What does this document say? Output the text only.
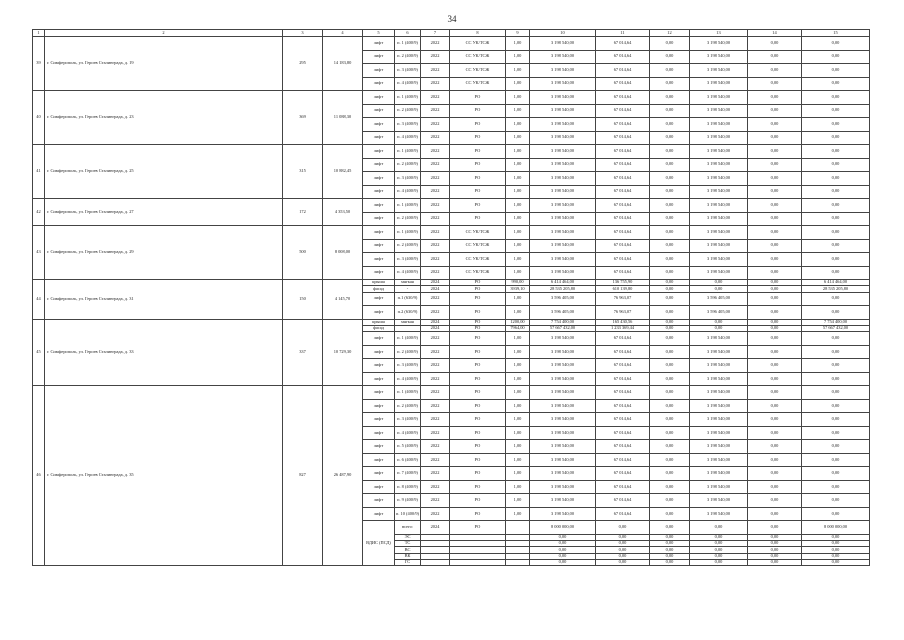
34
1	2	3	4	5	6	7	8	9	10	11	12	13	14	15
39	г. Симферополь, ул. Героев Сталинграда, д. 19	295	14 183,80	лифт	п. 1 (400/9)	2022	СС УК/ТСЖ	1,00	3 198 540,00	67 014,64	0,00	3 198 540,00	0,00	0,00
				лифт	п. 2 (400/9)	2022	СС УК/ТСЖ	1,00	3 198 540,00	67 014,64	0,00	3 198 540,00	0,00	0,00
				лифт	п. 3 (400/9)	2022	СС УК/ТСЖ	1,00	3 198 540,00	67 014,64	0,00	3 198 540,00	0,00	0,00
				лифт	п. 4 (400/9)	2022	СС УК/ТСЖ	1,00	3 198 540,00	67 014,64	0,00	3 198 540,00	0,00	0,00
40	г. Симферополь, ул. Героев Сталинграда, д. 23	369	11 088,30	лифт	п. 1 (400/9)	2022	РО	1,00	3 198 540,00	67 014,64	0,00	3 198 540,00	0,00	0,00
				лифт	п. 2 (400/9)	2022	РО	1,00	3 198 540,00	67 014,64	0,00	3 198 540,00	0,00	0,00
				лифт	п. 3 (400/9)	2022	РО	1,00	3 198 540,00	67 014,64	0,00	3 198 540,00	0,00	0,00
				лифт	п. 4 (400/9)	2022	РО	1,00	3 198 540,00	67 014,64	0,00	3 198 540,00	0,00	0,00
41	г. Симферополь, ул. Героев Сталинграда, д. 25	315	10 882,45	лифт	п. 1 (400/9)	2022	РО	1,00	3 198 540,00	67 014,64	0,00	3 198 540,00	0,00	0,00
				лифт	п. 2 (400/9)	2022	РО	1,00	3 198 540,00	67 014,64	0,00	3 198 540,00	0,00	0,00
				лифт	п. 3 (400/9)	2022	РО	1,00	3 198 540,00	67 014,64	0,00	3 198 540,00	0,00	0,00
				лифт	п. 4 (400/9)	2022	РО	1,00	3 198 540,00	67 014,64	0,00	3 198 540,00	0,00	0,00
42	г. Симферополь, ул. Героев Сталинграда, д. 27	172	4 353,50	лифт	п. 1 (400/9)	2022	РО	1,00	3 198 540,00	67 014,64	0,00	3 198 540,00	0,00	0,00
				лифт	п. 2 (400/9)	2022	РО	1,00	3 198 540,00	67 014,64	0,00	3 198 540,00	0,00	0,00
43	г. Симферополь, ул. Героев Сталинграда, д. 29	500	8 008,00	лифт	п. 1 (400/9)	2022	СС УК/ТСЖ	1,00	3 198 540,00	67 014,64	0,00	3 198 540,00	0,00	0,00
				лифт	п. 2 (400/9)	2022	СС УК/ТСЖ	1,00	3 198 540,00	67 014,64	0,00	3 198 540,00	0,00	0,00
				лифт	п. 3 (400/9)	2022	СС УК/ТСЖ	1,00	3 198 540,00	67 014,64	0,00	3 198 540,00	0,00	0,00
				лифт	п. 4 (400/9)	2022	СС УК/ТСЖ	1,00	3 198 540,00	67 014,64	0,00	3 198 540,00	0,00	0,00
44	г. Симферополь, ул. Героев Сталинграда, д. 31	150	4 145,70	крыша	мягкая	2024	РО	990,00	6 414 464,00	136 755,90	0,00	0,00	0,00	6 414 464,00
				фасад	-	2024	РО	3939,10	28 535 205,80	610 139,80	0,00	0,00	0,00	28 535 205,80
				лифт	п.1 (630/9)	2022	РО	1,00	3 596 405,00	76 963,07	0,00	3 596 405,00	0,00	0,00
				лифт	п.2 (630/9)	2022	РО	1,00	3 596 405,00	76 963,07	0,00	3 596 405,00	0,00	0,00
45	г. Симферополь, ул. Героев Сталинграда, д. 33	337	10 729,30	крыша	мягкая	2024	РО	1200,00	7 754 400,00	165 430,56	0,00	0,00	0,00	7 754 400,00
				фасад		2024	РО	7964,00	57 667 432,00	1 233 369,44	0,00	0,00	0,00	57 667 432,00
				лифт	п. 1 (400/9)	2022	РО	1,00	3 198 540,00	67 014,64	0,00	3 198 540,00	0,00	0,00
				лифт	п. 2 (400/9)	2022	РО	1,00	3 198 540,00	67 014,64	0,00	3 198 540,00	0,00	0,00
				лифт	п. 3 (400/9)	2022	РО	1,00	3 198 540,00	67 014,64	0,00	3 198 540,00	0,00	0,00
				лифт	п. 4 (400/9)	2022	РО	1,00	3 198 540,00	67 014,64	0,00	3 198 540,00	0,00	0,00
46	г. Симферополь, ул. Героев Сталинграда, д. 35	827	26 487,90	лифт	п. 1 (400/9)	2022	РО	1,00	3 198 540,00	67 014,64	0,00	3 198 540,00	0,00	0,00
				лифт	п. 2 (400/9)	2022	РО	1,00	3 198 540,00	67 014,64	0,00	3 198 540,00	0,00	0,00
				лифт	п. 3 (400/9)	2022	РО	1,00	3 198 540,00	67 014,64	0,00	3 198 540,00	0,00	0,00
				лифт	п. 4 (400/9)	2022	РО	1,00	3 198 540,00	67 014,64	0,00	3 198 540,00	0,00	0,00
				лифт	п. 5 (400/9)	2022	РО	1,00	3 198 540,00	67 014,64	0,00	3 198 540,00	0,00	0,00
				лифт	п. 6 (400/9)	2022	РО	1,00	3 198 540,00	67 014,64	0,00	3 198 540,00	0,00	0,00
				лифт	п. 7 (400/9)	2022	РО	1,00	3 198 540,00	67 014,64	0,00	3 198 540,00	0,00	0,00
				лифт	п. 8 (400/9)	2022	РО	1,00	3 198 540,00	67 014,64	0,00	3 198 540,00	0,00	0,00
				лифт	п. 9 (400/9)	2022	РО	1,00	3 198 540,00	67 014,64	0,00	3 198 540,00	0,00	0,00
				лифт	п. 10 (400/9)	2022	РО	1,00	3 198 540,00	67 014,64	0,00	3 198 540,00	0,00	0,00
				ВДИС (ПСД)	всего:	2024	РО		8 000 000,00	0,00	0,00	0,00	0,00	8 000 000,00
					ЭС				0,00	0,00	0,00	0,00	0,00	0,00
					ТС				0,00	0,00	0,00	0,00	0,00	0,00
					ВС				0,00	0,00	0,00	0,00	0,00	0,00
					ВК				0,00	0,00	0,00	0,00	0,00	0,00
					ГС				0,00	0,00	0,00	0,00	0,00	0,00
